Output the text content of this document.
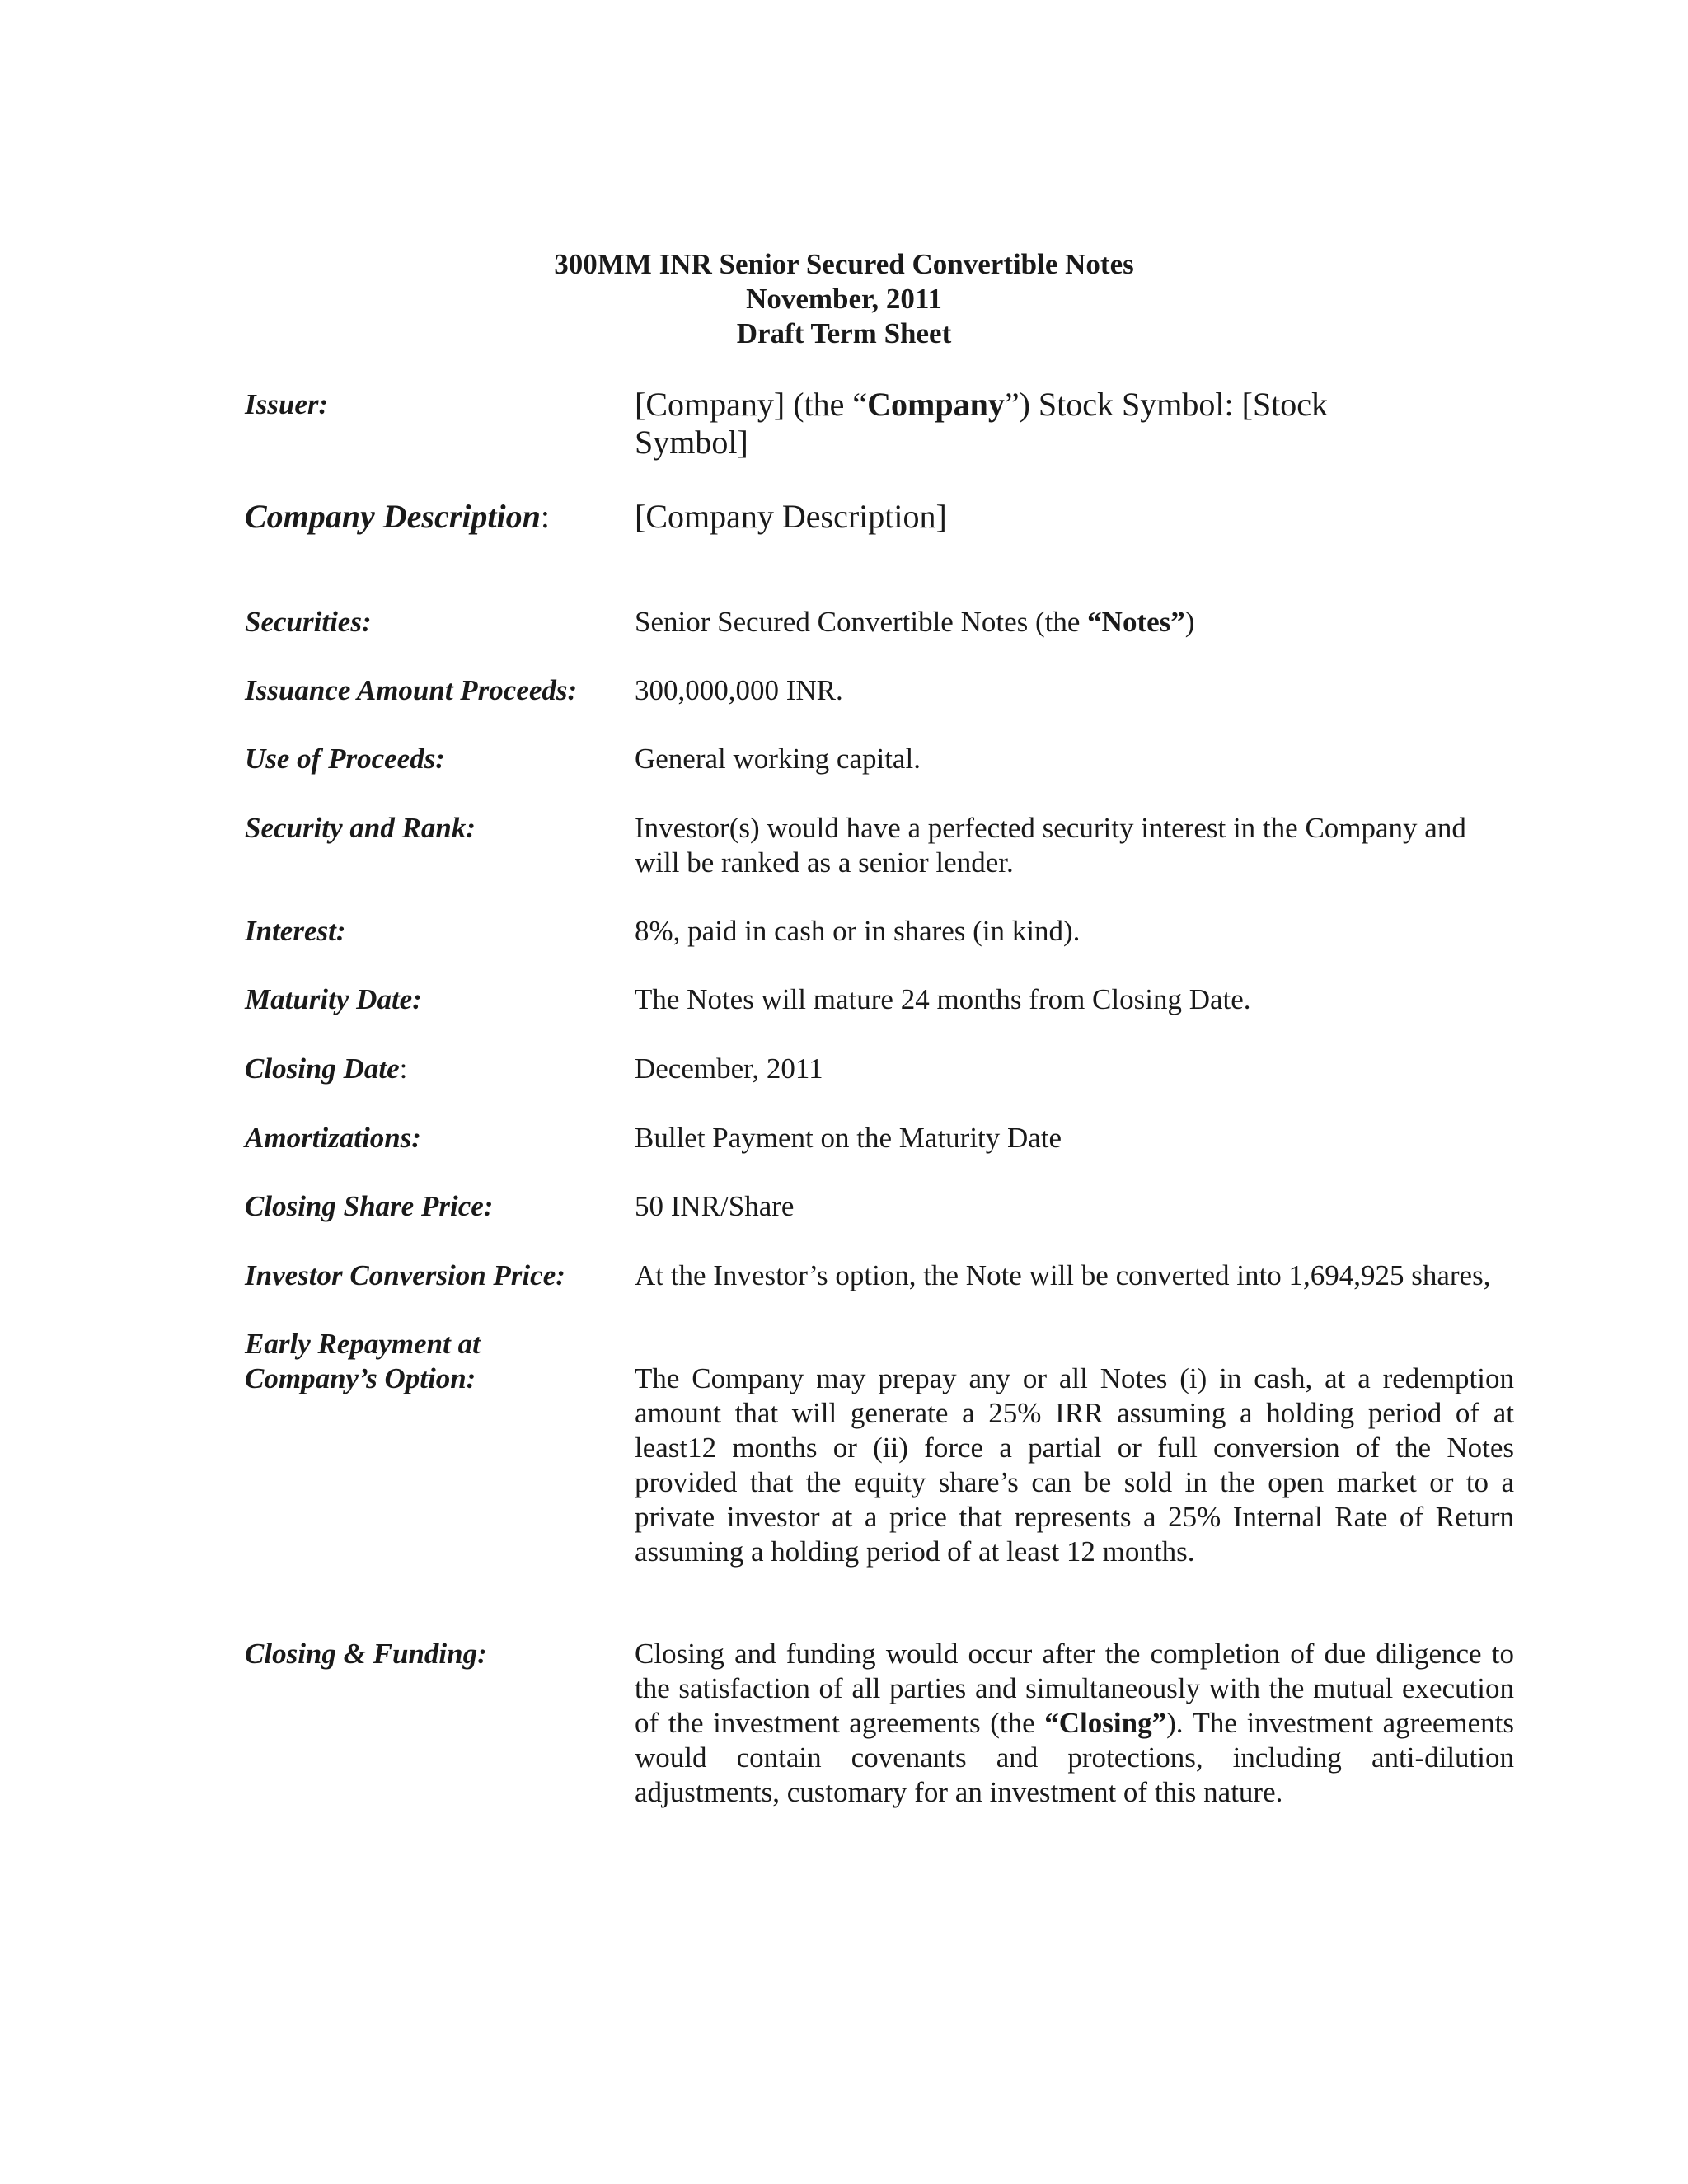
300MM INR Senior Secured Convertible Notes
November, 2011
Draft Term Sheet
Issuer:	[Company] (the “Company”) Stock Symbol: [Stock Symbol]
Company Description:	[Company Description]
Securities:	Senior Secured Convertible Notes (the “Notes”)
Issuance Amount Proceeds:	300,000,000 INR.
Use of Proceeds:	General working capital.
Security and Rank:	Investor(s) would have a perfected security interest in the Company and will be ranked as a senior lender.
Interest:	8%, paid in cash or in shares (in kind).
Maturity Date:	The Notes will mature 24 months from Closing Date.
Closing Date:	December, 2011
Amortizations:	Bullet Payment on the Maturity Date
Closing Share Price:	50 INR/Share
Investor Conversion Price:	At the Investor’s option, the Note will be converted into 1,694,925 shares,
Early Repayment at Company’s Option:	The Company may prepay any or all Notes (i) in cash, at a redemption amount that will generate a 25% IRR assuming a holding period of at least12 months or (ii) force a partial or full conversion of the Notes provided that the equity share’s can be sold in the open market or to a private investor at a price that represents a 25% Internal Rate of Return assuming a holding period of at least 12 months.
Closing & Funding:	Closing and funding would occur after the completion of due diligence to the satisfaction of all parties and simultaneously with the mutual execution of the investment agreements (the “Closing”). The investment agreements would contain covenants and protections, including anti-dilution adjustments, customary for an investment of this nature.
